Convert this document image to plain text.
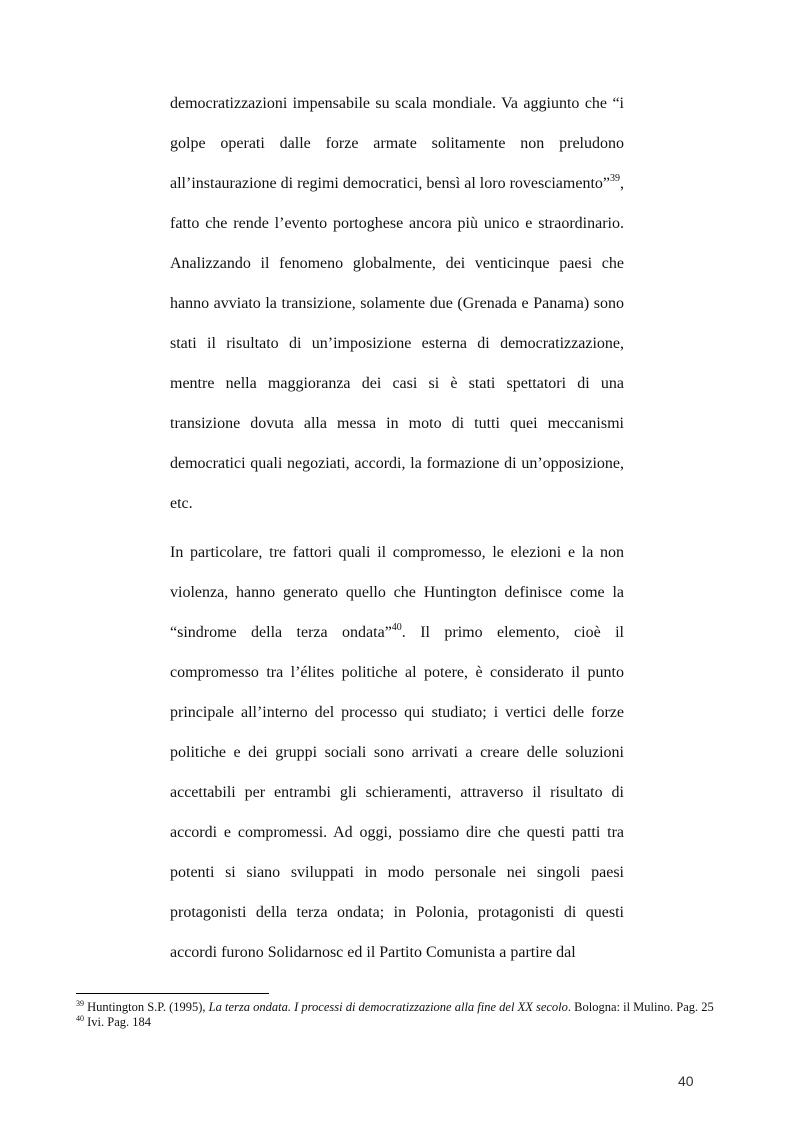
democratizzazioni impensabile su scala mondiale. Va aggiunto che “i golpe operati dalle forze armate solitamente non preludono all’instaurazione di regimi democratici, bensì al loro rovesciamento”$^{39}$, fatto che rende l’evento portoghese ancora più unico e straordinario. Analizzando il fenomeno globalmente, dei venticinque paesi che hanno avviato la transizione, solamente due (Grenada e Panama) sono stati il risultato di un’imposizione esterna di democratizzazione, mentre nella maggioranza dei casi si è stati spettatori di una transizione dovuta alla messa in moto di tutti quei meccanismi democratici quali negoziati, accordi, la formazione di un’opposizione, etc.

In particolare, tre fattori quali il compromesso, le elezioni e la non violenza, hanno generato quello che Huntington definisce come la “sindrome della terza ondata”$^{40}$. Il primo elemento, cioè il compromesso tra l’élites politiche al potere, è considerato il punto principale all’interno del processo qui studiato; i vertici delle forze politiche e dei gruppi sociali sono arrivati a creare delle soluzioni accettabili per entrambi gli schieramenti, attraverso il risultato di accordi e compromessi. Ad oggi, possiamo dire che questi patti tra potenti si siano sviluppati in modo personale nei singoli paesi protagonisti della terza ondata; in Polonia, protagonisti di questi accordi furono Solidarnosc ed il Partito Comunista a partire dal

$^{39}$ Huntington S.P. (1995), La terza ondata. I processi di democratizzazione alla fine del XX secolo. Bologna: il Mulino. Pag. 25

$^{40}$ Ivi. Pag. 184

40
